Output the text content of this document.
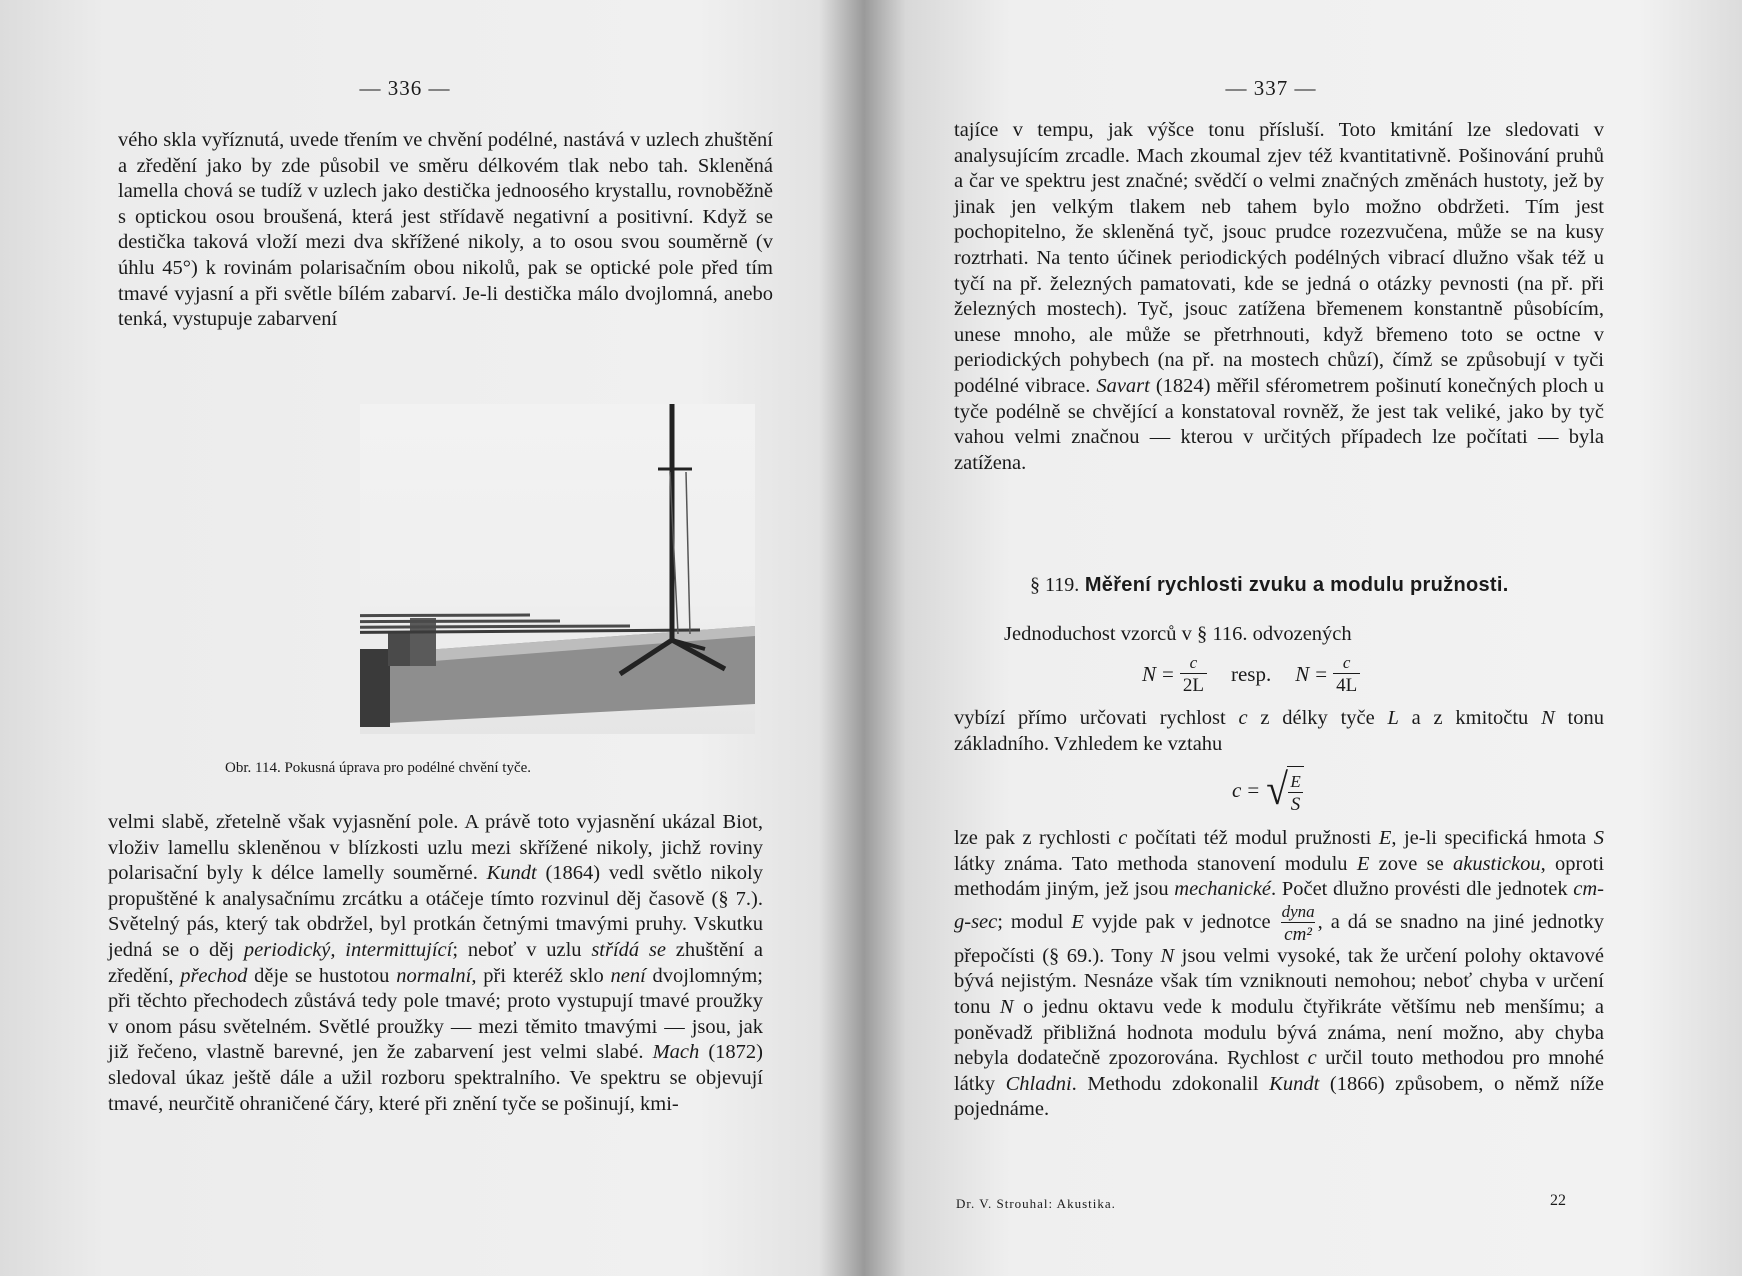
— 336 —

vého skla vyříznutá, uvede třením ve chvění podélné, nastává v uzlech zhuštění a zředění jako by zde působil ve směru délkovém tlak nebo tah. Skleněná lamella chová se tudíž v uzlech jako destička jednoosého krystallu, rovnoběžně s optickou osou broušená, která jest střídavě negativní a positivní. Když se destička taková vloží mezi dva skřížené nikoly, a to osou svou souměrně (v úhlu 45°) k rovinám polarisačním obou nikolů, pak se optické pole před tím tmavé vyjasní a při světle bílém zabarví. Je-li destička málo dvojlomná, anebo tenká, vystupuje zabarvení

Obr. 114. Pokusná úprava pro podélné chvění tyče.

velmi slabě, zřetelně však vyjasnění pole. A právě toto vyjasnění ukázal Biot, vloživ lamellu skleněnou v blízkosti uzlu mezi skřížené nikoly, jichž roviny polarisační byly k délce lamelly souměrné. Kundt (1864) vedl světlo nikoly propuštěné k analysačnímu zrcátku a otáčeje tímto rozvinul děj časově (§ 7.). Světelný pás, který tak obdržel, byl protkán četnými tmavými pruhy. Vskutku jedná se o děj periodický, intermittující; neboť v uzlu střídá se zhuštění a zředění, přechod děje se hustotou normalní, při kteréž sklo není dvojlomným; při těchto přechodech zůstává tedy pole tmavé; proto vystupují tmavé proužky v onom pásu světelném. Světlé proužky — mezi těmito tmavými — jsou, jak již řečeno, vlastně barevné, jen že zabarvení jest velmi slabé. Mach (1872) sledoval úkaz ještě dále a užil rozboru spektralního. Ve spektru se objevují tmavé, neurčitě ohraničené čáry, které při znění tyče se pošinují, kmi-

— 337 —

tajíce v tempu, jak výšce tonu přísluší. Toto kmitání lze sledovati v analysujícím zrcadle. Mach zkoumal zjev též kvantitativně. Pošinování pruhů a čar ve spektru jest značné; svědčí o velmi značných změnách hustoty, jež by jinak jen velkým tlakem neb tahem bylo možno obdržeti. Tím jest pochopitelno, že skleněná tyč, jsouc prudce rozezvučena, může se na kusy roztrhati. Na tento účinek periodických podélných vibrací dlužno však též u tyčí na př. železných pamatovati, kde se jedná o otázky pevnosti (na př. při železných mostech). Tyč, jsouc zatížena břemenem konstantně působícím, unese mnoho, ale může se přetrhnouti, když břemeno toto se octne v periodických pohybech (na př. na mostech chůzí), čímž se způsobují v tyči podélné vibrace. Savart (1824) měřil sférometrem pošinutí konečných ploch u tyče podélně se chvějící a konstatoval rovněž, že jest tak veliké, jako by tyč vahou velmi značnou — kterou v určitých případech lze počítati — byla zatížena.

§ 119. Měření rychlosti zvuku a modulu pružnosti.

Jednoduchost vzorců v § 116. odvozených

$N = \frac{c}{2L}$ resp. $N = \frac{c}{4L}$

vybízí přímo určovati rychlost c z délky tyče L a z kmitočtu N tonu základního. Vzhledem ke vztahu

c = √ $\frac{E}{S}$

lze pak z rychlosti c počítati též modul pružnosti E, je-li specifická hmota S látky známa. Tato methoda stanovení modulu E zove se akustickou, oproti methodám jiným, jež jsou mechanické. Počet dlužno provésti dle jednotek cm-g-sec; modul E vyjde pak v jednotce $\frac{\text{dyna}}{\text{cm²}}$ , a dá se snadno na jiné jednotky přepočísti (§ 69.). Tony N jsou velmi vysoké, tak že určení polohy oktavové bývá nejistým. Nesnáze však tím vzniknouti nemohou; neboť chyba v určení tonu N o jednu oktavu vede k modulu čtyřikráte většímu neb menšímu; a poněvadž přibližná hodnota modulu bývá známa, není možno, aby chyba nebyla dodatečně zpozorována. Rychlost c určil touto methodou pro mnohé látky Chladni. Methodu zdokonalil Kundt (1866) způsobem, o němž níže pojednáme.

Dr. V. Strouhal: Akustika.	22
